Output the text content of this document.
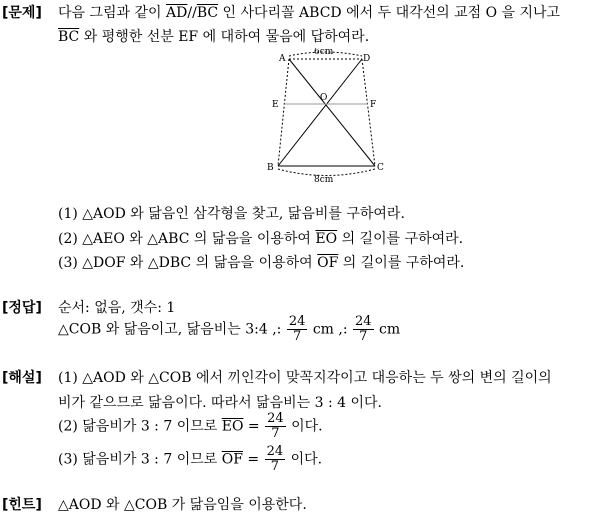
[문제] 다음 그림과 같이 $\overline{AD}//\overline{BC}$ 인 사다리꼴 ABCD 에서 두 대각선의 교점 O 을 지나고
$\overline{BC}$ 와 평행한 선분 EF 에 대하여 물음에 답하여라.
A	D
E
O
F
B	C
6cm
8cm
(1) △AOD 와 닮음인 삼각형을 찾고, 닮음비를 구하여라.
(2) △AEO 와 △ABC 의 닮음을 이용하여 $\overline{EO}$ 의 길이를 구하여라.
(3) △DOF 와 △DBC 의 닮음을 이용하여 $\overline{OF}$ 의 길이를 구하여라.
[정답] 순서: 없음, 갯수: 1
△COB 와 닮음이고, 닮음비는 3:4 ,: $\frac{24}{7}$ cm ,: $\frac{24}{7}$ cm
[해설] (1) △AOD 와 △COB 에서 끼인각이 맞꼭지각이고 대응하는 두 쌍의 변의 길이의
비가 같으므로 닮음이다. 따라서 닮음비는 3 : 4 이다.
(2) 닮음비가 3 : 7 이므로 $\overline{EO} = \frac{24}{7}$ 이다.
(3) 닮음비가 3 : 7 이므로 $\overline{OF} = \frac{24}{7}$ 이다.
[힌트] △AOD 와 △COB 가 닮음임을 이용한다.
